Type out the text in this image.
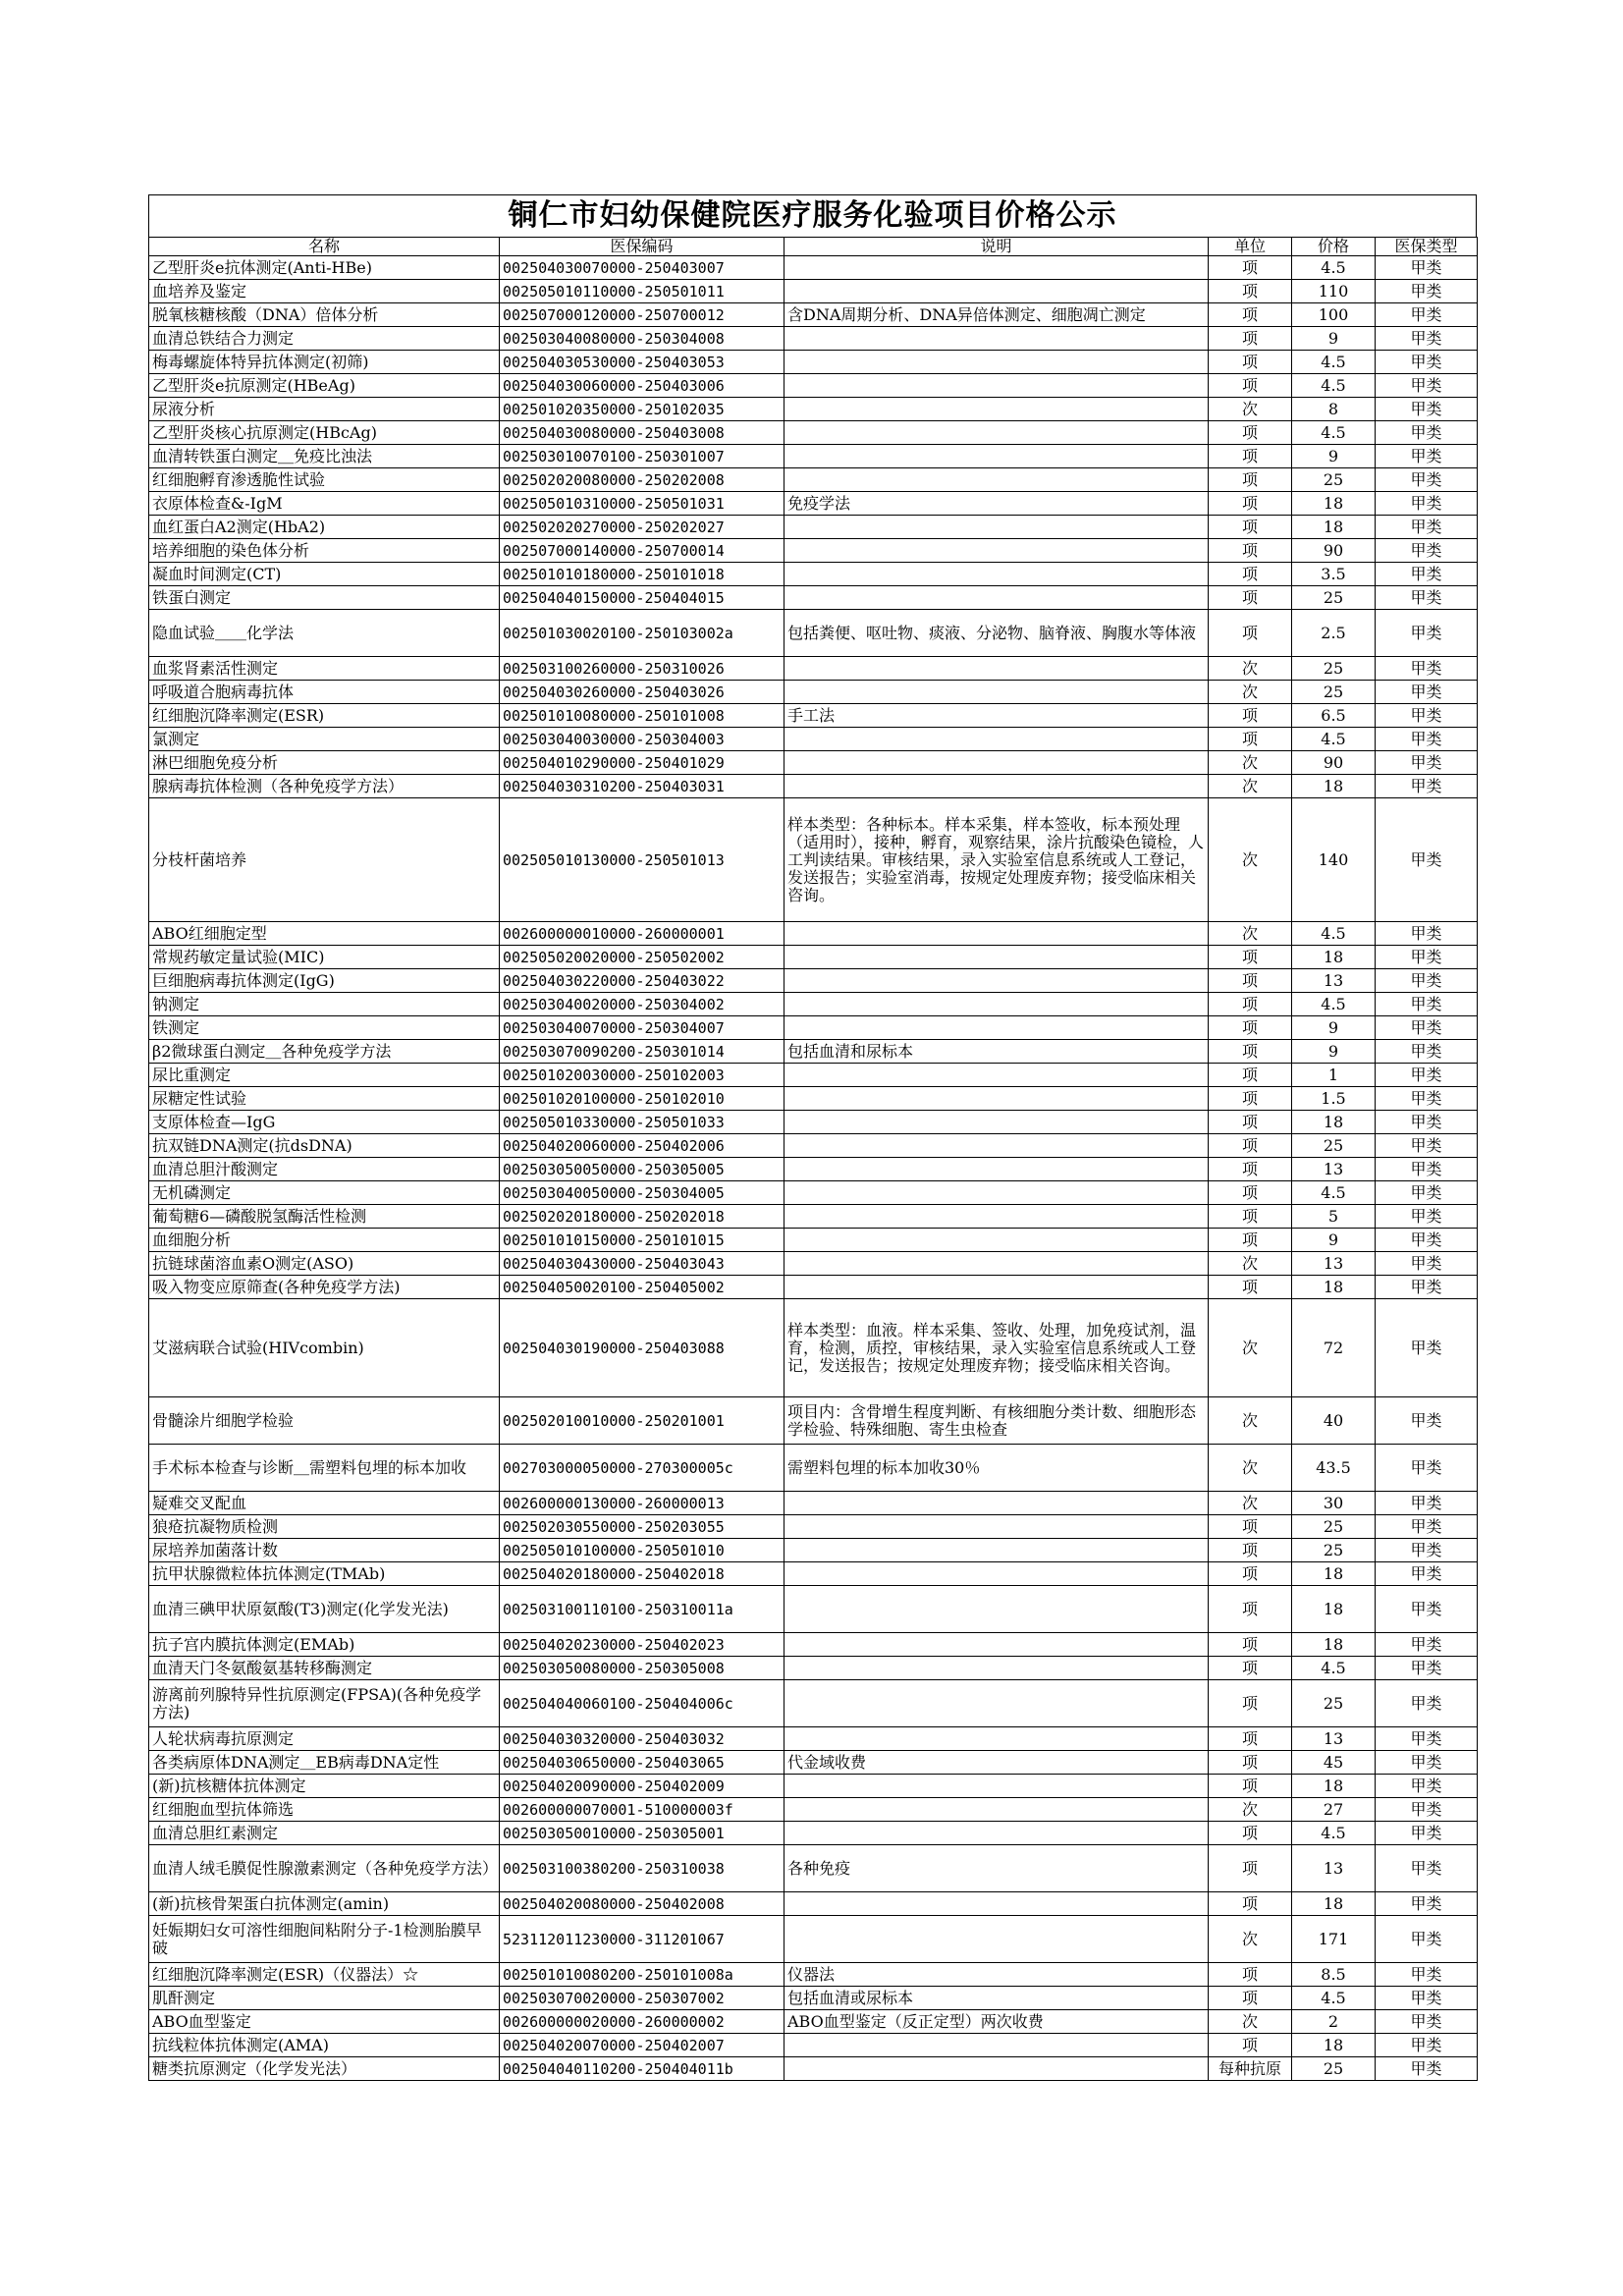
铜仁市妇幼保健院医疗服务化验项目价格公示
名称	医保编码	说明	单位	价格	医保类型
乙型肝炎e抗体测定(Anti-HBe)	002504030070000-250403007		项	4.5	甲类
血培养及鉴定	002505010110000-250501011		项	110	甲类
脱氧核糖核酸（DNA）倍体分析	002507000120000-250700012	含DNA周期分析、DNA异倍体测定、细胞凋亡测定	项	100	甲类
血清总铁结合力测定	002503040080000-250304008		项	9	甲类
梅毒螺旋体特异抗体测定(初筛)	002504030530000-250403053		项	4.5	甲类
乙型肝炎e抗原测定(HBeAg)	002504030060000-250403006		项	4.5	甲类
尿液分析	002501020350000-250102035		次	8	甲类
乙型肝炎核心抗原测定(HBcAg)	002504030080000-250403008		项	4.5	甲类
血清转铁蛋白测定＿免疫比浊法	002503010070100-250301007		项	9	甲类
红细胞孵育渗透脆性试验	002502020080000-250202008		项	25	甲类
衣原体检查&-IgM	002505010310000-250501031	免疫学法	项	18	甲类
血红蛋白A2测定(HbA2)	002502020270000-250202027		项	18	甲类
培养细胞的染色体分析	002507000140000-250700014		项	90	甲类
凝血时间测定(CT)	002501010180000-250101018		项	3.5	甲类
铁蛋白测定	002504040150000-250404015		项	25	甲类
隐血试验＿＿化学法	002501030020100-250103002a	包括粪便、呕吐物、痰液、分泌物、脑脊液、胸腹水等体液	项	2.5	甲类
血浆肾素活性测定	002503100260000-250310026		次	25	甲类
呼吸道合胞病毒抗体	002504030260000-250403026		次	25	甲类
红细胞沉降率测定(ESR)	002501010080000-250101008	手工法	项	6.5	甲类
氯测定	002503040030000-250304003		项	4.5	甲类
淋巴细胞免疫分析	002504010290000-250401029		次	90	甲类
腺病毒抗体检测（各种免疫学方法）	002504030310200-250403031		次	18	甲类
分枝杆菌培养	002505010130000-250501013	样本类型：各种标本。样本采集，样本签收，标本预处理（适用时），接种，孵育，观察结果，涂片抗酸染色镜检，人工判读结果。审核结果，录入实验室信息系统或人工登记，发送报告；实验室消毒，按规定处理废弃物；接受临床相关咨询。	次	140	甲类
ABO红细胞定型	002600000010000-260000001		次	4.5	甲类
常规药敏定量试验(MIC)	002505020020000-250502002		项	18	甲类
巨细胞病毒抗体测定(IgG)	002504030220000-250403022		项	13	甲类
钠测定	002503040020000-250304002		项	4.5	甲类
铁测定	002503040070000-250304007		项	9	甲类
β2微球蛋白测定＿各种免疫学方法	002503070090200-250301014	包括血清和尿标本	项	9	甲类
尿比重测定	002501020030000-250102003		项	1	甲类
尿糖定性试验	002501020100000-250102010		项	1.5	甲类
支原体检查—IgG	002505010330000-250501033		项	18	甲类
抗双链DNA测定(抗dsDNA)	002504020060000-250402006		项	25	甲类
血清总胆汁酸测定	002503050050000-250305005		项	13	甲类
无机磷测定	002503040050000-250304005		项	4.5	甲类
葡萄糖6—磷酸脱氢酶活性检测	002502020180000-250202018		项	5	甲类
血细胞分析	002501010150000-250101015		项	9	甲类
抗链球菌溶血素O测定(ASO)	002504030430000-250403043		次	13	甲类
吸入物变应原筛查(各种免疫学方法)	002504050020100-250405002		项	18	甲类
艾滋病联合试验(HIVcombin)	002504030190000-250403088	样本类型：血液。样本采集、签收、处理，加免疫试剂，温育，检测，质控，审核结果，录入实验室信息系统或人工登记，发送报告；按规定处理废弃物；接受临床相关咨询。	次	72	甲类
骨髓涂片细胞学检验	002502010010000-250201001	项目内：含骨增生程度判断、有核细胞分类计数、细胞形态学检验、特殊细胞、寄生虫检查	次	40	甲类
手术标本检查与诊断＿需塑料包埋的标本加收	002703000050000-270300005c	需塑料包埋的标本加收30％	次	43.5	甲类
疑难交叉配血	002600000130000-260000013		次	30	甲类
狼疮抗凝物质检测	002502030550000-250203055		项	25	甲类
尿培养加菌落计数	002505010100000-250501010		项	25	甲类
抗甲状腺微粒体抗体测定(TMAb)	002504020180000-250402018		项	18	甲类
血清三碘甲状原氨酸(T3)测定(化学发光法)	002503100110100-250310011a		项	18	甲类
抗子宫内膜抗体测定(EMAb)	002504020230000-250402023		项	18	甲类
血清天门冬氨酸氨基转移酶测定	002503050080000-250305008		项	4.5	甲类
游离前列腺特异性抗原测定(FPSA)(各种免疫学方法)	002504040060100-250404006c		项	25	甲类
人轮状病毒抗原测定	002504030320000-250403032		项	13	甲类
各类病原体DNA测定＿EB病毒DNA定性	002504030650000-250403065	代金域收费	项	45	甲类
(新)抗核糖体抗体测定	002504020090000-250402009		项	18	甲类
红细胞血型抗体筛选	002600000070001-510000003f		次	27	甲类
血清总胆红素测定	002503050010000-250305001		项	4.5	甲类
血清人绒毛膜促性腺激素测定（各种免疫学方法）	002503100380200-250310038	各种免疫	项	13	甲类
(新)抗核骨架蛋白抗体测定(amin)	002504020080000-250402008		项	18	甲类
妊娠期妇女可溶性细胞间粘附分子-1检测胎膜早破	523112011230000-311201067		次	171	甲类
红细胞沉降率测定(ESR)（仪器法）☆	002501010080200-250101008a	仪器法	项	8.5	甲类
肌酐测定	002503070020000-250307002	包括血清或尿标本	项	4.5	甲类
ABO血型鉴定	002600000020000-260000002	ABO血型鉴定（反正定型）两次收费	次	2	甲类
抗线粒体抗体测定(AMA)	002504020070000-250402007		项	18	甲类
糖类抗原测定（化学发光法）	002504040110200-250404011b		每种抗原	25	甲类
